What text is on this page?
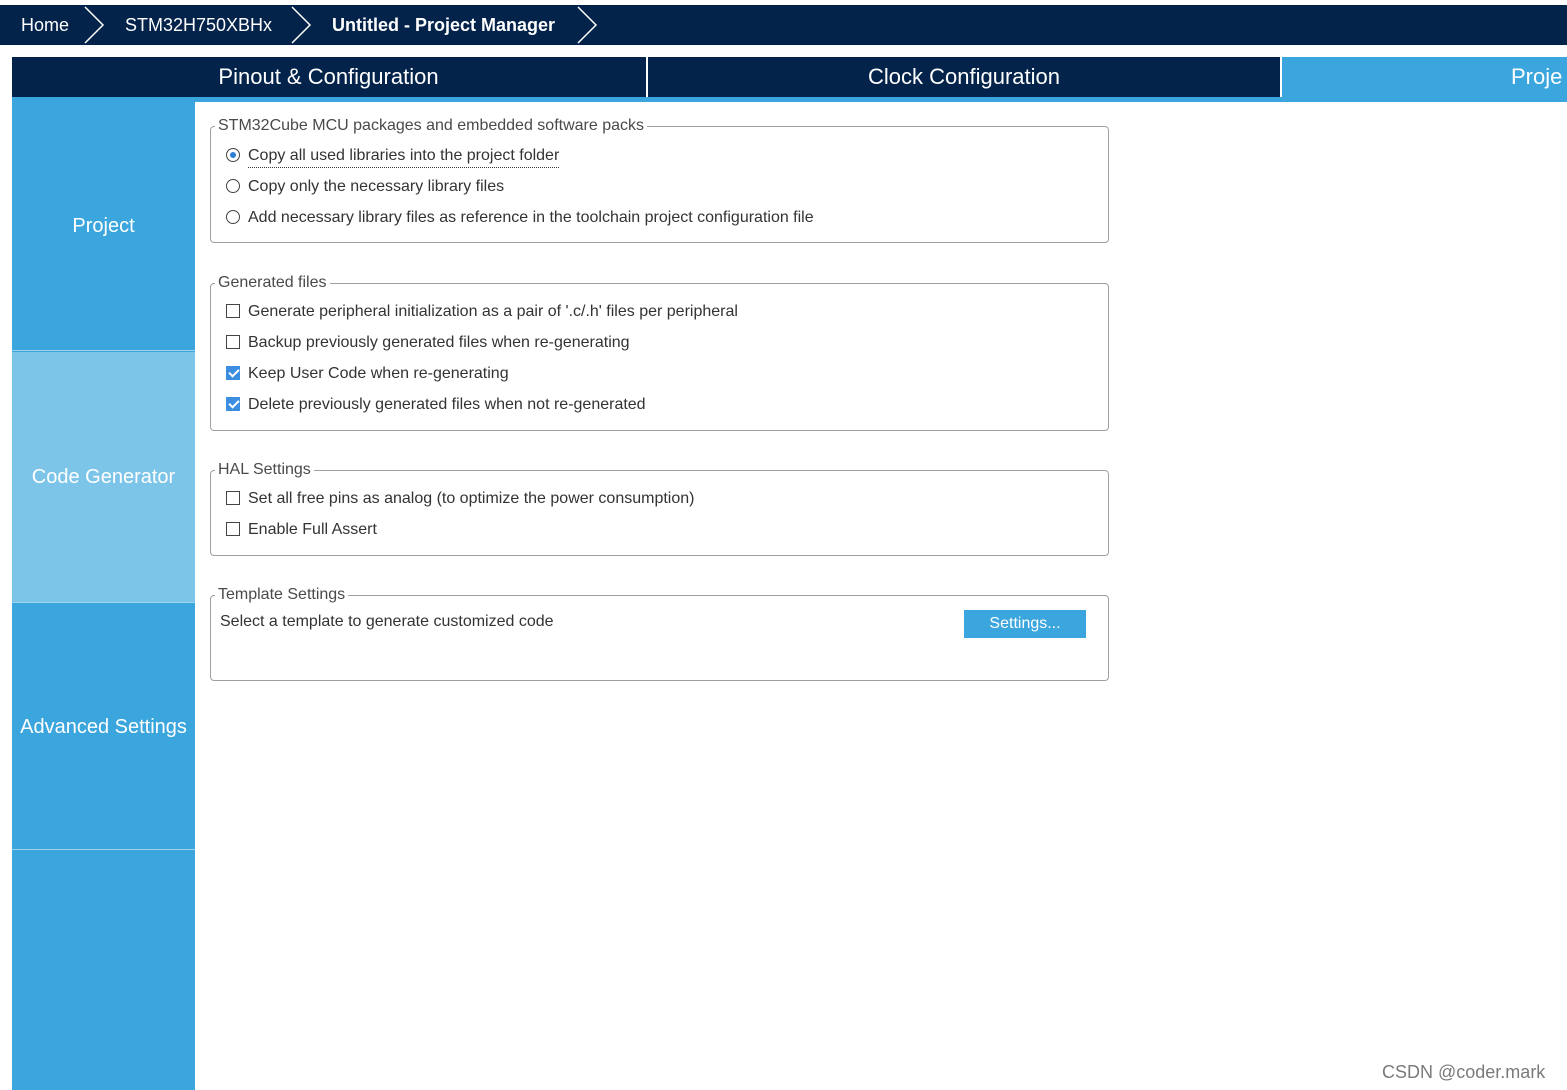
Home	STM32H750XBHx	Untitled - Project Manager
Pinout & Configuration	Clock Configuration	Proje
Project
Code Generator
Advanced Settings
STM32Cube MCU packages and embedded software packs
Copy all used libraries into the project folder
Copy only the necessary library files
Add necessary library files as reference in the toolchain project configuration file
Generated files
Generate peripheral initialization as a pair of '.c/.h' files per peripheral
Backup previously generated files when re-generating
Keep User Code when re-generating
Delete previously generated files when not re-generated
HAL Settings
Set all free pins as analog (to optimize the power consumption)
Enable Full Assert
Template Settings
Select a template to generate customized code	Settings...
CSDN @coder.mark
